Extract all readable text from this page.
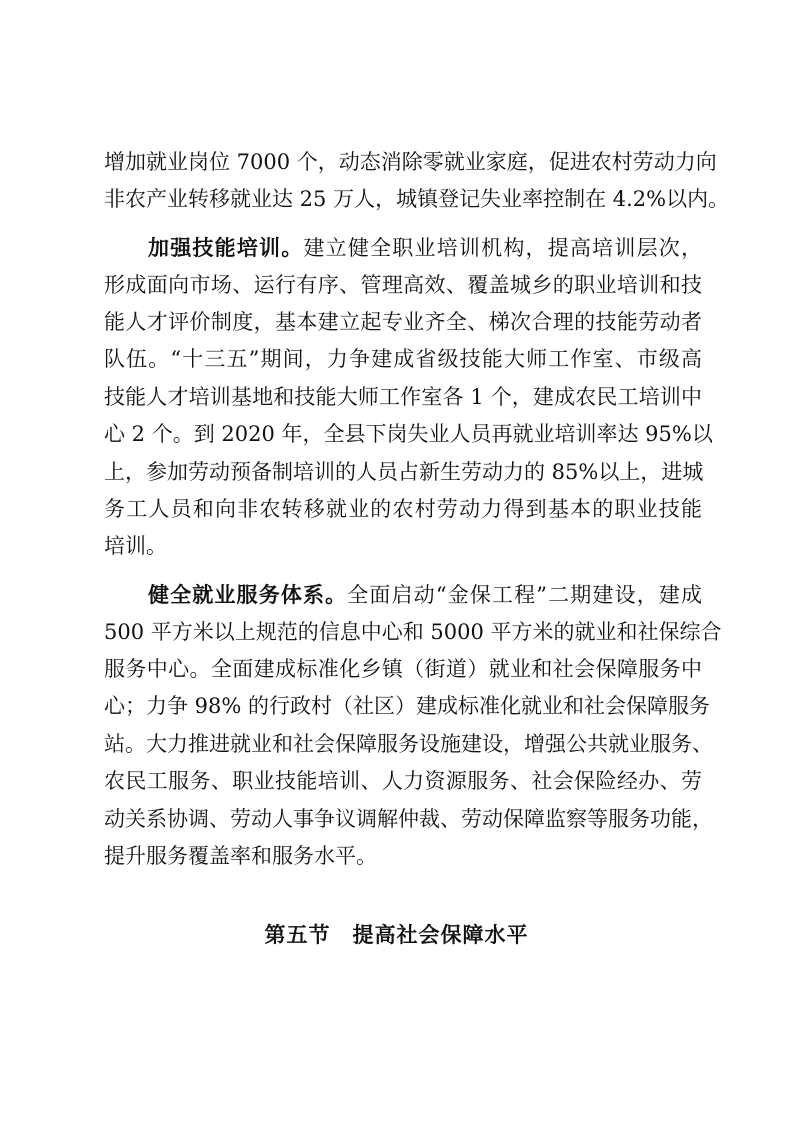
增加就业岗位 7000 个，动态消除零就业家庭，促进农村劳动力向
非农产业转移就业达 25 万人，城镇登记失业率控制在 4.2%以内。
加强技能培训。建立健全职业培训机构，提高培训层次，
形成面向市场、运行有序、管理高效、覆盖城乡的职业培训和技
能人才评价制度，基本建立起专业齐全、梯次合理的技能劳动者
队伍。“十三五”期间，力争建成省级技能大师工作室、市级高
技能人才培训基地和技能大师工作室各 1 个，建成农民工培训中
心 2 个。到 2020 年，全县下岗失业人员再就业培训率达 95%以
上，参加劳动预备制培训的人员占新生劳动力的 85%以上，进城
务工人员和向非农转移就业的农村劳动力得到基本的职业技能
培训。
健全就业服务体系。全面启动“金保工程”二期建设，建成
500 平方米以上规范的信息中心和 5000 平方米的就业和社保综合
服务中心。全面建成标准化乡镇（街道）就业和社会保障服务中
心；力争 98% 的行政村（社区）建成标准化就业和社会保障服务
站。大力推进就业和社会保障服务设施建设，增强公共就业服务、
农民工服务、职业技能培训、人力资源服务、社会保险经办、劳
动关系协调、劳动人事争议调解仲裁、劳动保障监察等服务功能，
提升服务覆盖率和服务水平。
第五节　提高社会保障水平
